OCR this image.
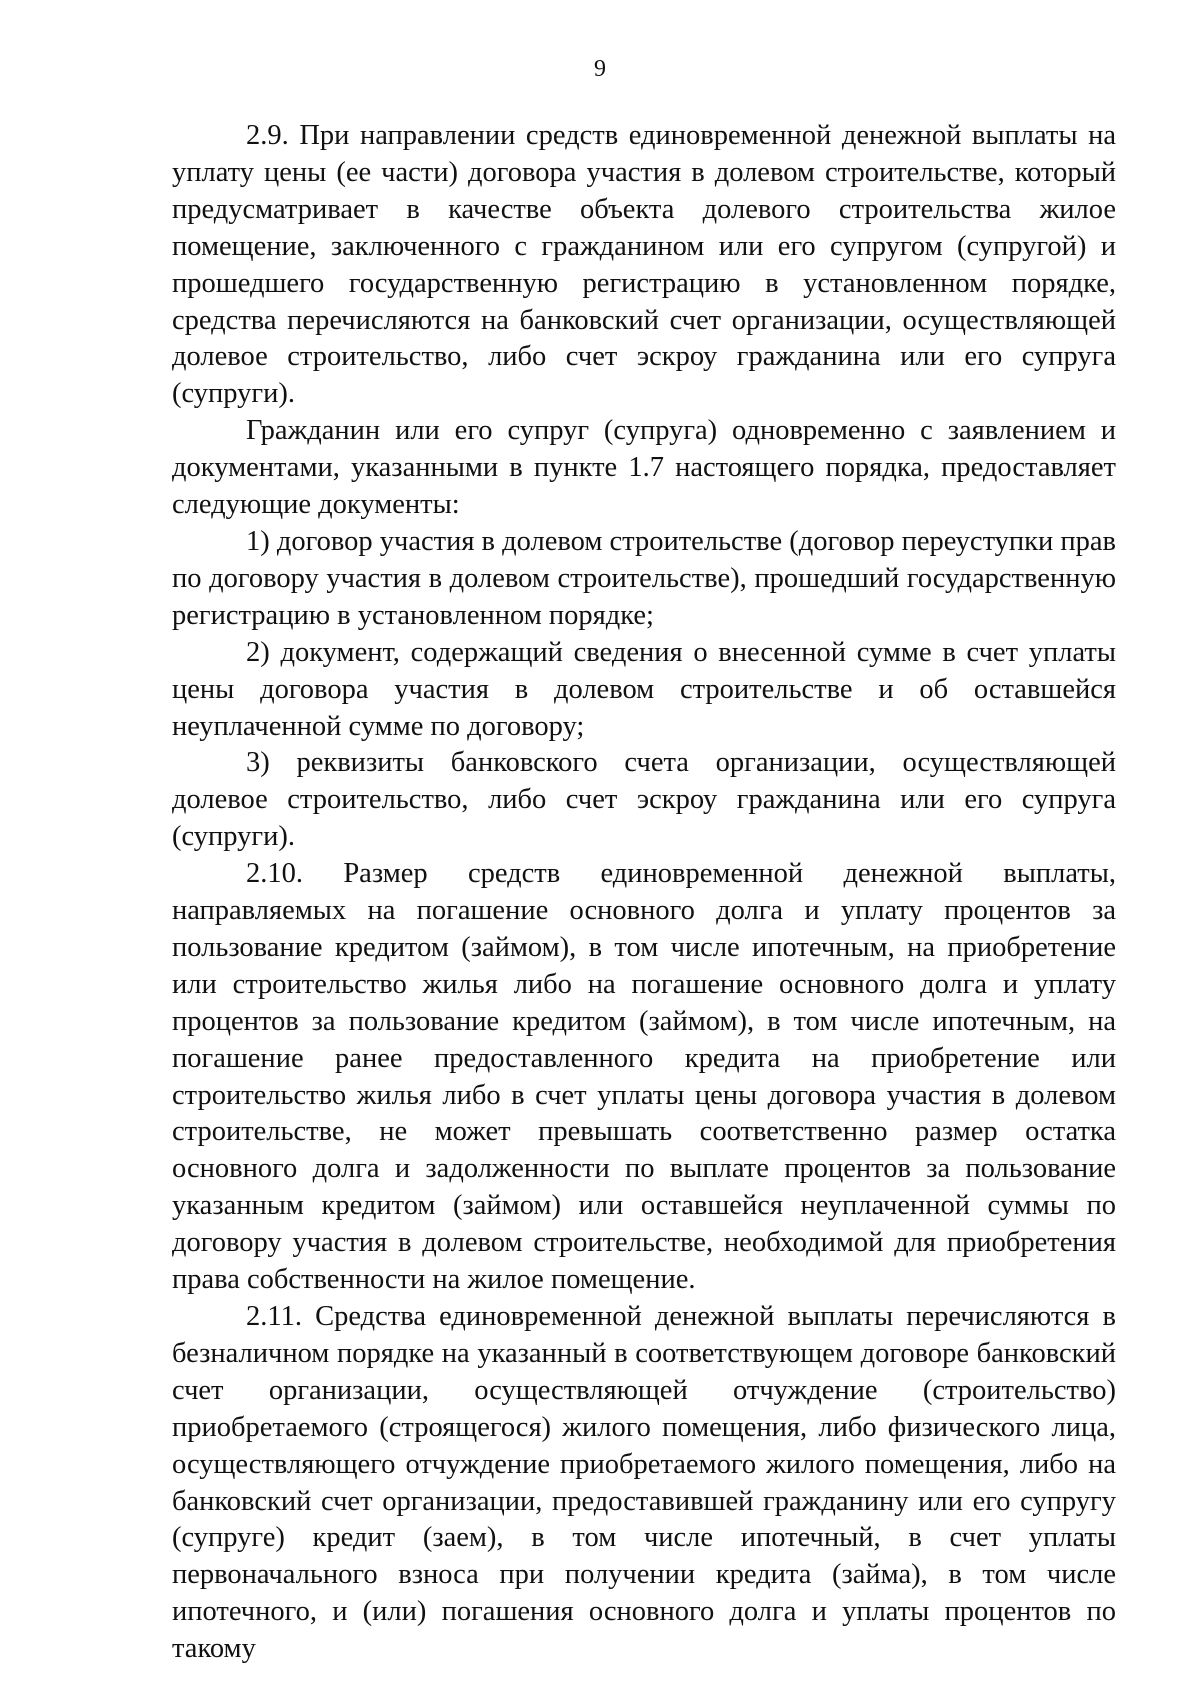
9

2.9. При направлении средств единовременной денежной выплаты на уплату цены (ее части) договора участия в долевом строительстве, который предусматривает в качестве объекта долевого строительства жилое помещение, заключенного с гражданином или его супругом (супругой) и прошедшего государственную регистрацию в установленном порядке, средства перечисляются на банковский счет организации, осуществляющей долевое строительство, либо счет эскроу гражданина или его супруга (супруги).

Гражданин или его супруг (супруга) одновременно с заявлением и документами, указанными в пункте 1.7 настоящего порядка, предоставляет следующие документы:

1) договор участия в долевом строительстве (договор переуступки прав по договору участия в долевом строительстве), прошедший государственную регистрацию в установленном порядке;

2) документ, содержащий сведения о внесенной сумме в счет уплаты цены договора участия в долевом строительстве и об оставшейся неуплаченной сумме по договору;

3) реквизиты банковского счета организации, осуществляющей долевое строительство, либо счет эскроу гражданина или его супруга (супруги).

2.10. Размер средств единовременной денежной выплаты, направляемых на погашение основного долга и уплату процентов за пользование кредитом (займом), в том числе ипотечным, на приобретение или строительство жилья либо на погашение основного долга и уплату процентов за пользование кредитом (займом), в том числе ипотечным, на погашение ранее предоставленного кредита на приобретение или строительство жилья либо в счет уплаты цены договора участия в долевом строительстве, не может превышать соответственно размер остатка основного долга и задолженности по выплате процентов за пользование указанным кредитом (займом) или оставшейся неуплаченной суммы по договору участия в долевом строительстве, необходимой для приобретения права собственности на жилое помещение.

2.11. Средства единовременной денежной выплаты перечисляются в безналичном порядке на указанный в соответствующем договоре банковский счет организации, осуществляющей отчуждение (строительство) приобретаемого (строящегося) жилого помещения, либо физического лица, осуществляющего отчуждение приобретаемого жилого помещения, либо на банковский счет организации, предоставившей гражданину или его супругу (супруге) кредит (заем), в том числе ипотечный, в счет уплаты первоначального взноса при получении кредита (займа), в том числе ипотечного, и (или) погашения основного долга и уплаты процентов по такому
